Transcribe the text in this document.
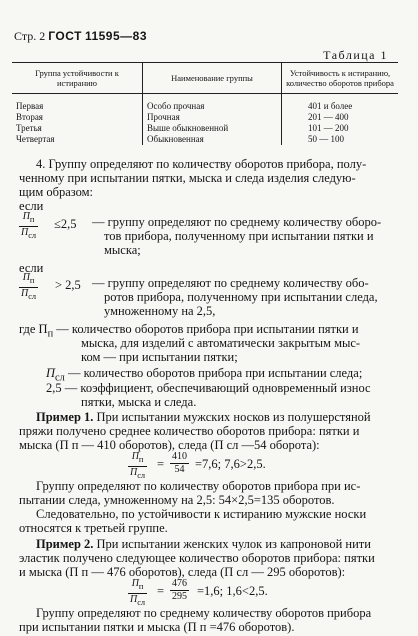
Стр. 2 ГОСТ 11595—83
Таблица 1
Группа устойчивости к истиранию	Наименование группы	Устойчивость к истиранию, количество оборотов прибора
Первая	Особо прочная	401 и более
Вторая	Прочная	201 — 400
Третья	Выше обыкновенной	101 — 200
Четвертая	Обыкновенная	50 — 100
4. Группу определяют по количеству оборотов прибора, полу-
ченному при испытании пятки, мыска и следа изделия следую-
щим образом:
если
$П_п$
$П_{сл}$
≤2,5 — группу определяют по среднему количеству оборо-
тов прибора, полученному при испытании пятки и
мыска;
если
$П_п$
$П_{сл}$
> 2,5 — группу определяют по среднему количеству обо-
ротов прибора, полученному при испытании следа,
умноженному на 2,5,
где $П_п$ — количество оборотов прибора при испытании пятки и
мыска, для изделий с автоматически закрытым мыс-
ком — при испытании пятки;
$П_{сл}$ — количество оборотов прибора при испытании следа;
2,5 — коэффициент, обеспечивающий одновременный износ
пятки, мыска и следа.
Пример 1. При испытании мужских носков из полушерстяной
пряжи получено среднее количество оборотов прибора: пятки и
мыска (П п — 410 оборотов), следа (П сл —54 оборота):
$П_п$
$П_{сл}$
= $\frac{410}{54} =7,6$; 7,6>2,5.
Группу определяют по количеству оборотов прибора при ис-
пытании следа, умноженному на 2,5: 54×2,5=135 оборотов.
Следовательно, по устойчивости к истиранию мужские носки
относятся к третьей группе.
Пример 2. При испытании женских чулок из капроновой нити
эластик получено следующее количество оборотов прибора: пятки
и мыска (П п — 476 оборотов), следа (П сл — 295 оборотов):
$П_п$
$П_{сл}$
= $\frac{476}{295} =1,6$; 1,6<2,5.
Группу определяют по среднему количеству оборотов прибора
при испытании пятки и мыска (П п =476 оборотов).
